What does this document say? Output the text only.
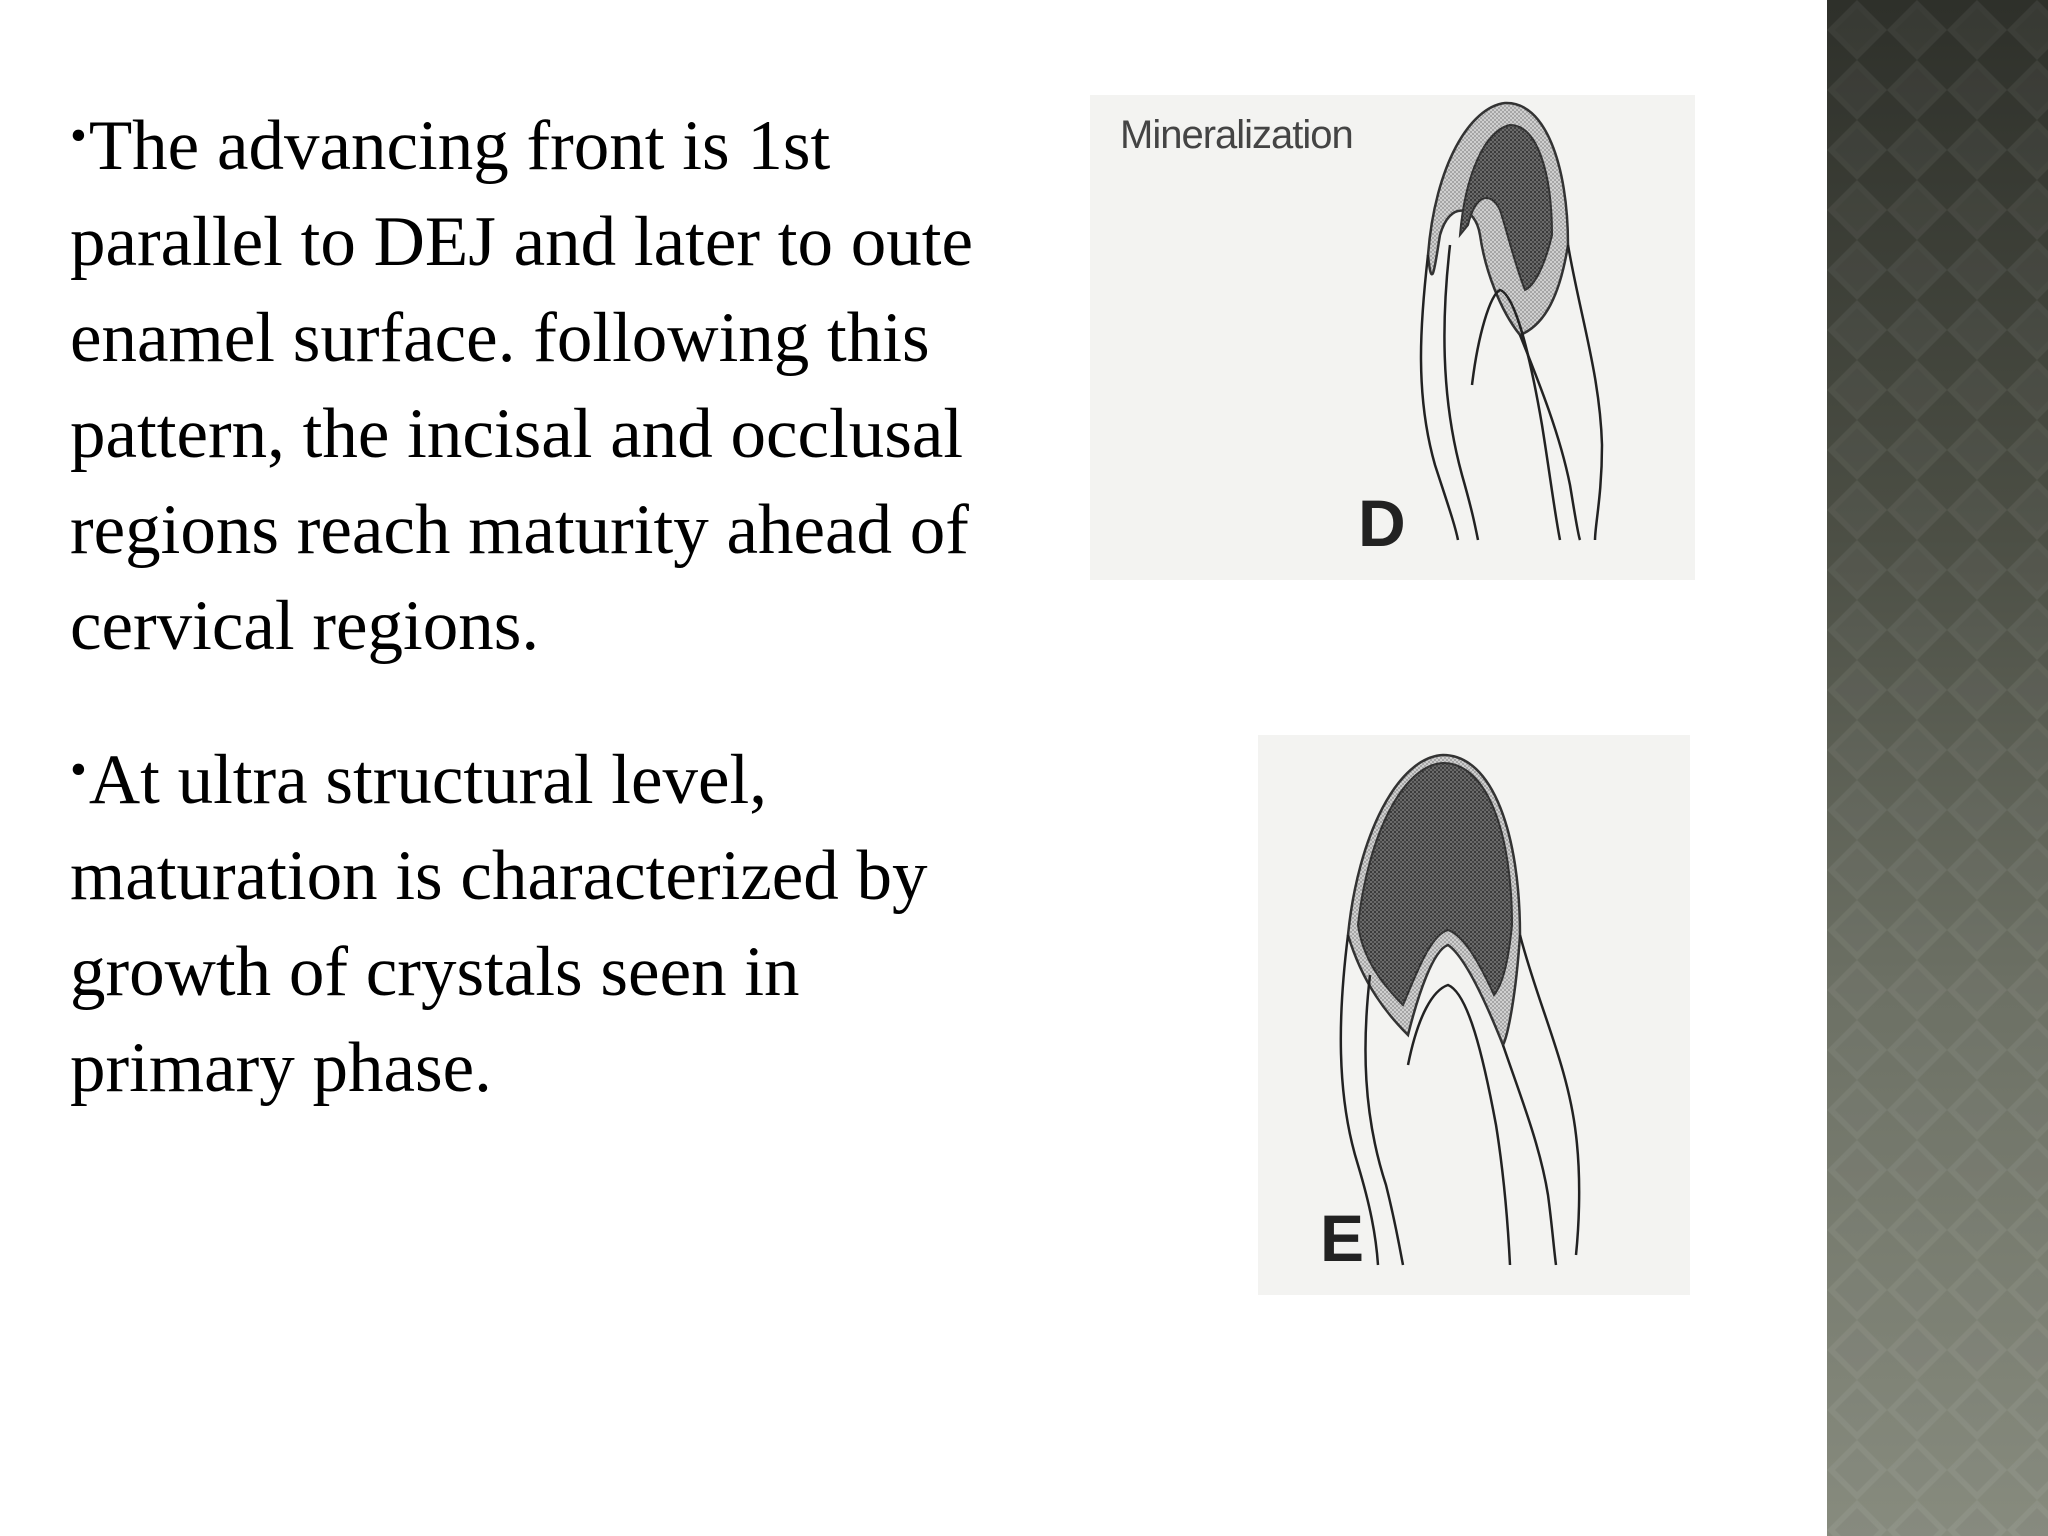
•The advancing front is 1st
parallel to DEJ and later to oute
enamel surface. following this
pattern, the incisal and occlusal
regions reach maturity ahead of
cervical regions.

•At ultra structural level,
maturation is characterized by
growth of crystals seen in
primary phase.

Mineralization
D
E
